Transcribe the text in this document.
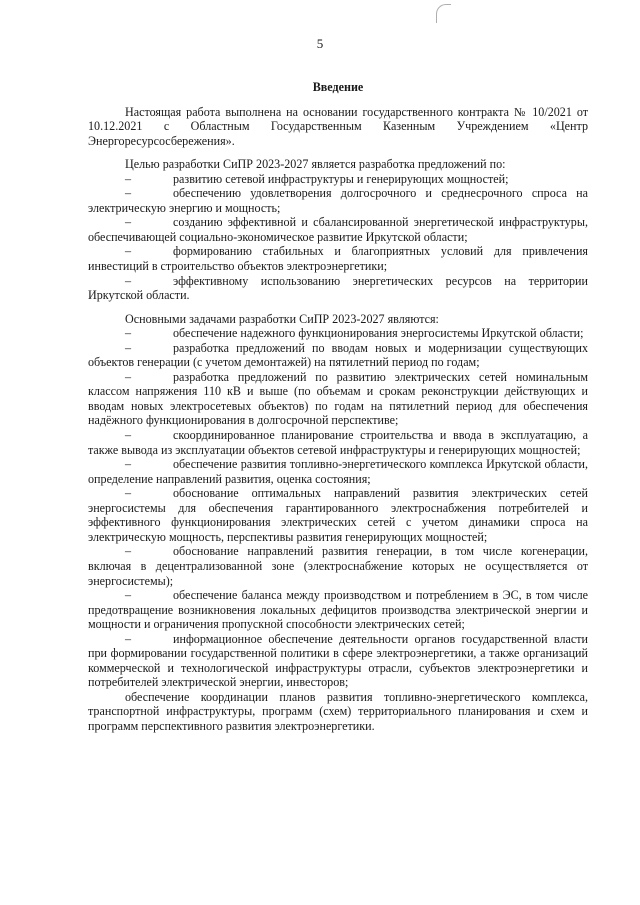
5
Введение

Настоящая работа выполнена на основании государственного контракта № 10/2021 от 10.12.2021 с Областным Государственным Казенным Учреждением «Центр Энергоресурсосбережения».

Целью разработки СиПР 2023-2027 является разработка предложений по:

–	развитию сетевой инфраструктуры и генерирующих мощностей;

–	обеспечению удовлетворения долгосрочного и среднесрочного спроса на электрическую энергию и мощность;

–	созданию эффективной и сбалансированной энергетической инфраструктуры, обеспечивающей социально-экономическое развитие Иркутской области;

–	формированию стабильных и благоприятных условий для привлечения инвестиций в строительство объектов электроэнергетики;

–	эффективному использованию энергетических ресурсов на территории Иркутской области.

Основными задачами разработки СиПР 2023-2027 являются:

–	обеспечение надежного функционирования энергосистемы Иркутской области;

–	разработка предложений по вводам новых и модернизации существующих объектов генерации (с учетом демонтажей) на пятилетний период по годам;

–	разработка предложений по развитию электрических сетей номинальным классом напряжения 110 кВ и выше (по объемам и срокам реконструкции действующих и вводам новых электросетевых объектов) по годам на пятилетний период для обеспечения надёжного функционирования в долгосрочной перспективе;

–	скоординированное планирование строительства и ввода в эксплуатацию, а также вывода из эксплуатации объектов сетевой инфраструктуры и генерирующих мощностей;

–	обеспечение развития топливно-энергетического комплекса Иркутской области, определение направлений развития, оценка состояния;

–	обоснование оптимальных направлений развития электрических сетей энергосистемы для обеспечения гарантированного электроснабжения потребителей и эффективного функционирования электрических сетей с учетом динамики спроса на электрическую мощность, перспективы развития генерирующих мощностей;

–	обоснование направлений развития генерации, в том числе когенерации, включая в децентрализованной зоне (электроснабжение которых не осуществляется от энергосистемы);

–	обеспечение баланса между производством и потреблением в ЭС, в том числе предотвращение возникновения локальных дефицитов производства электрической энергии и мощности и ограничения пропускной способности электрических сетей;

–	информационное обеспечение деятельности органов государственной власти при формировании государственной политики в сфере электроэнергетики, а также организаций коммерческой и технологической инфраструктуры отрасли, субъектов электроэнергетики и потребителей электрической энергии, инвесторов;

обеспечение координации планов развития топливно-энергетического комплекса, транспортной инфраструктуры, программ (схем) территориального планирования и схем и программ перспективного развития электроэнергетики.
